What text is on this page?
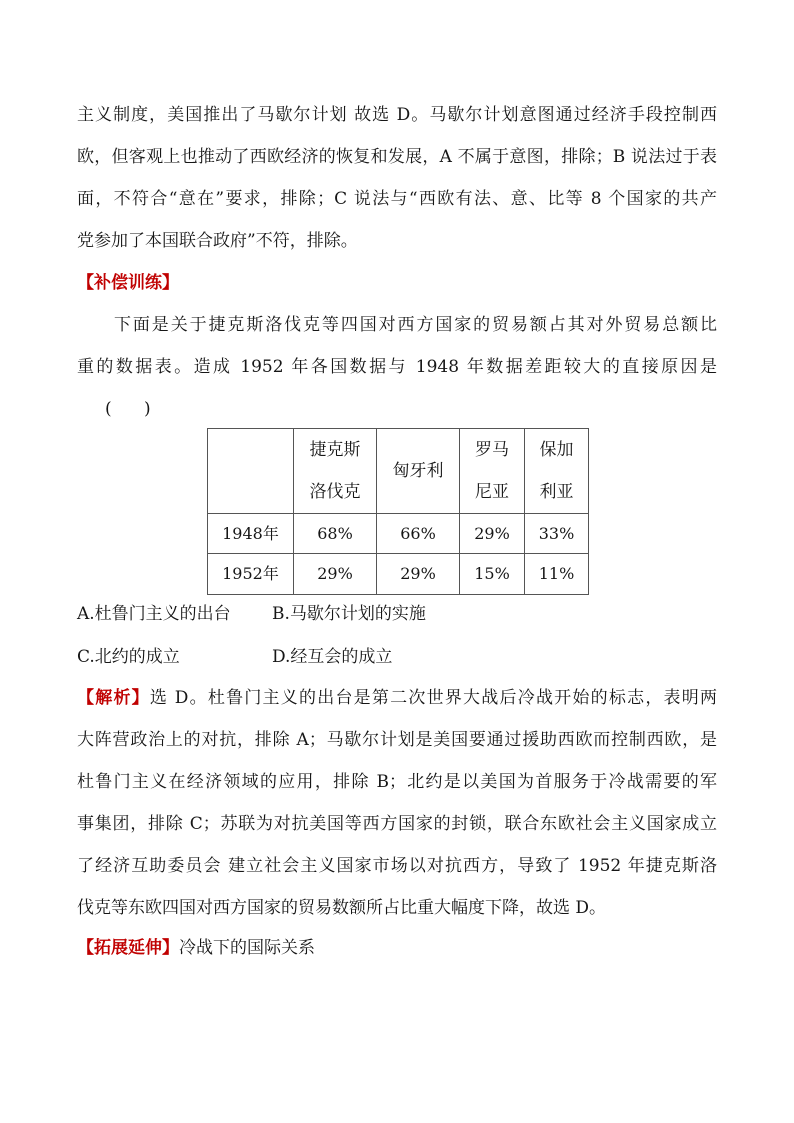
主义制度，美国推出了马歇尔计划 故选 D。马歇尔计划意图通过经济手段控制西
欧，但客观上也推动了西欧经济的恢复和发展，A 不属于意图，排除；B 说法过于表
面，不符合“意在”要求，排除；C 说法与“西欧有法、意、比等 8 个国家的共产
党参加了本国联合政府”不符，排除。
【补偿训练】
下面是关于捷克斯洛伐克等四国对西方国家的贸易额占其对外贸易总额比
重的数据表。造成 1952 年各国数据与 1948 年数据差距较大的直接原因是
(      )

	捷克斯洛伐克	匈牙利	罗马尼亚	保加利亚

1948年	68%	66%	29%	33%
1952年	29%	29%	15%	11%
A.杜鲁门主义的出台 B.马歇尔计划的实施
C.北约的成立	D.经互会的成立
【解析】选 D。杜鲁门主义的出台是第二次世界大战后冷战开始的标志，表明两
大阵营政治上的对抗，排除 A；马歇尔计划是美国要通过援助西欧而控制西欧，是
杜鲁门主义在经济领域的应用，排除 B；北约是以美国为首服务于冷战需要的军
事集团，排除 C；苏联为对抗美国等西方国家的封锁，联合东欧社会主义国家成立
了经济互助委员会 建立社会主义国家市场以对抗西方，导致了 1952 年捷克斯洛
伐克等东欧四国对西方国家的贸易数额所占比重大幅度下降，故选 D。
【拓展延伸】冷战下的国际关系
